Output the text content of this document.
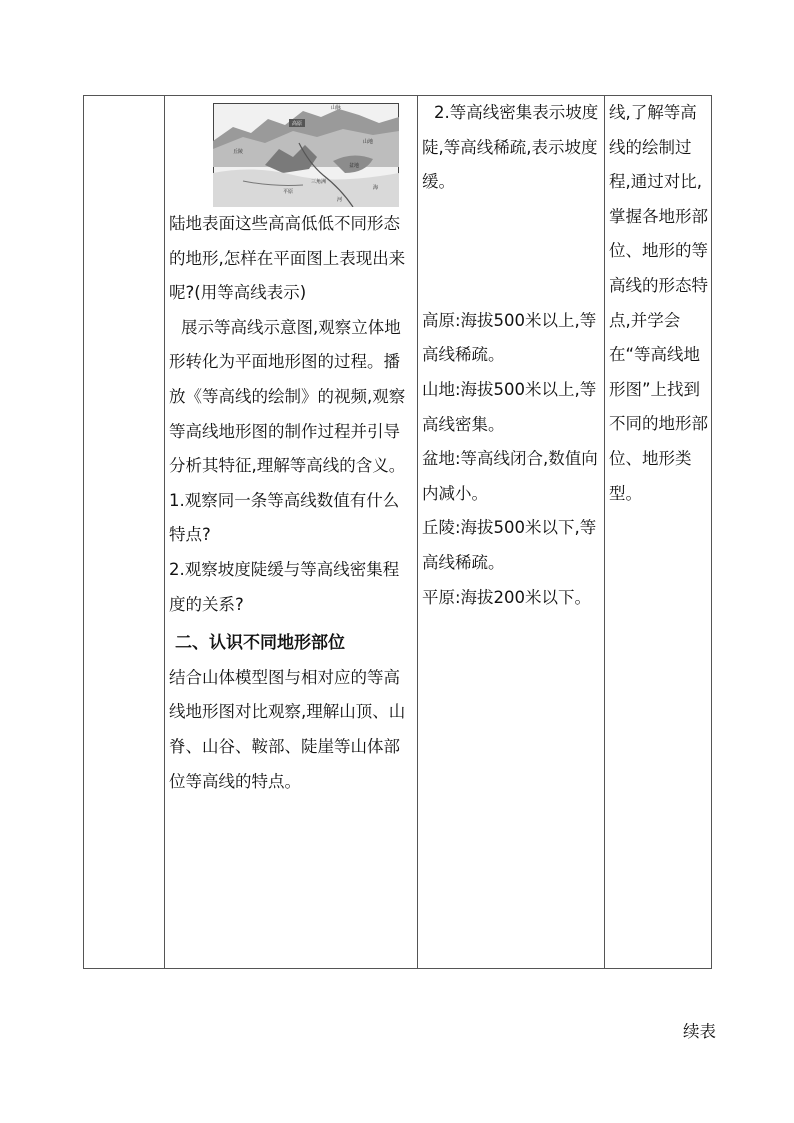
高原
山脉
丘陵
平原
盆地
山地
三角洲
河
海
陆地表面这些高高低低不同形态的地形,怎样在平面图上表现出来呢?(用等高线表示)
展示等高线示意图,观察立体地形转化为平面地形图的过程。播放《等高线的绘制》的视频,观察等高线地形图的制作过程并引导分析其特征,理解等高线的含义。
1.观察同一条等高线数值有什么特点?
2.观察坡度陡缓与等高线密集程度的关系?
二、认识不同地形部位
结合山体模型图与相对应的等高线地形图对比观察,理解山顶、山脊、山谷、鞍部、陡崖等山体部位等高线的特点。

2.等高线密集表示坡度陡,等高线稀疏,表示坡度缓。
高原:海拔500米以上,等高线稀疏。
山地:海拔500米以上,等高线密集。
盆地:等高线闭合,数值向内减小。
丘陵:海拔500米以下,等高线稀疏。
平原:海拔200米以下。

线,了解等高线的绘制过程,通过对比,掌握各地形部位、地形的等高线的形态特点,并学会在“等高线地形图”上找到不同的地形部位、地形类型。
续表
